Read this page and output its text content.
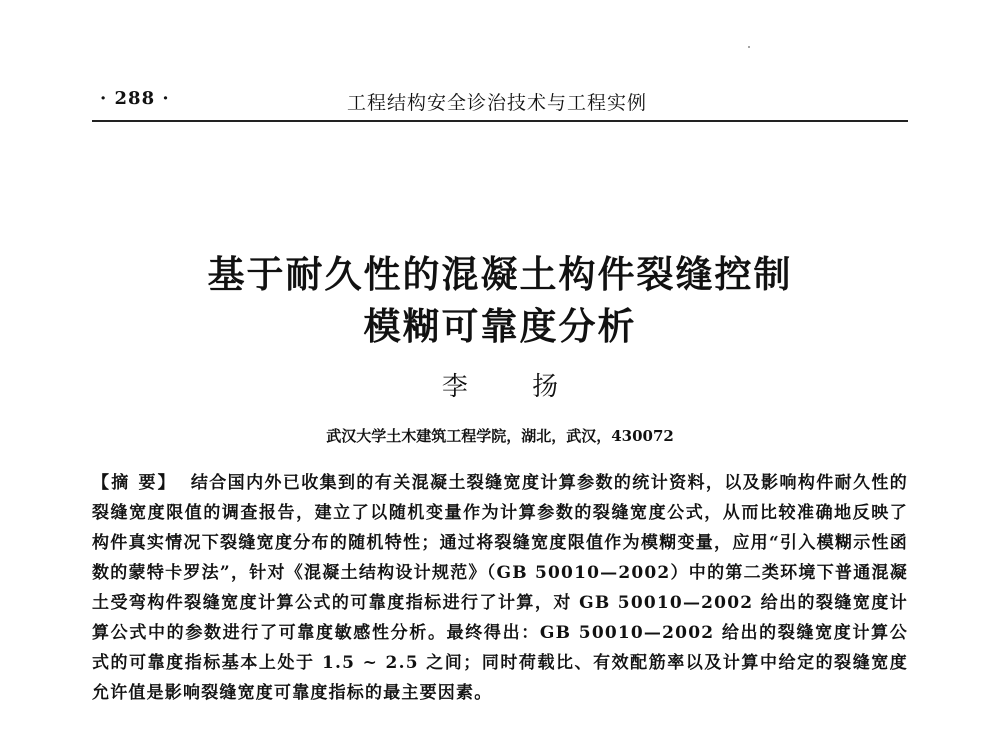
· 288 ·	工程结构安全诊治技术与工程实例
基于耐久性的混凝土构件裂缝控制
模糊可靠度分析
李 扬
武汉大学土木建筑工程学院，湖北，武汉，430072
【摘 要】 结合国内外已收集到的有关混凝土裂缝宽度计算参数的统计资料，以及影响构件耐久性的裂缝宽度限值的调查报告，建立了以随机变量作为计算参数的裂缝宽度公式，从而比较准确地反映了构件真实情况下裂缝宽度分布的随机特性；通过将裂缝宽度限值作为模糊变量，应用“引入模糊示性函数的蒙特卡罗法”，针对《混凝土结构设计规范》（GB 50010—2002）中的第二类环境下普通混凝土受弯构件裂缝宽度计算公式的可靠度指标进行了计算，对 GB 50010—2002 给出的裂缝宽度计算公式中的参数进行了可靠度敏感性分析。最终得出：GB 50010—2002 给出的裂缝宽度计算公式的可靠度指标基本上处于 1.5 ~ 2.5 之间；同时荷载比、有效配筋率以及计算中给定的裂缝宽度允许值是影响裂缝宽度可靠度指标的最主要因素。
